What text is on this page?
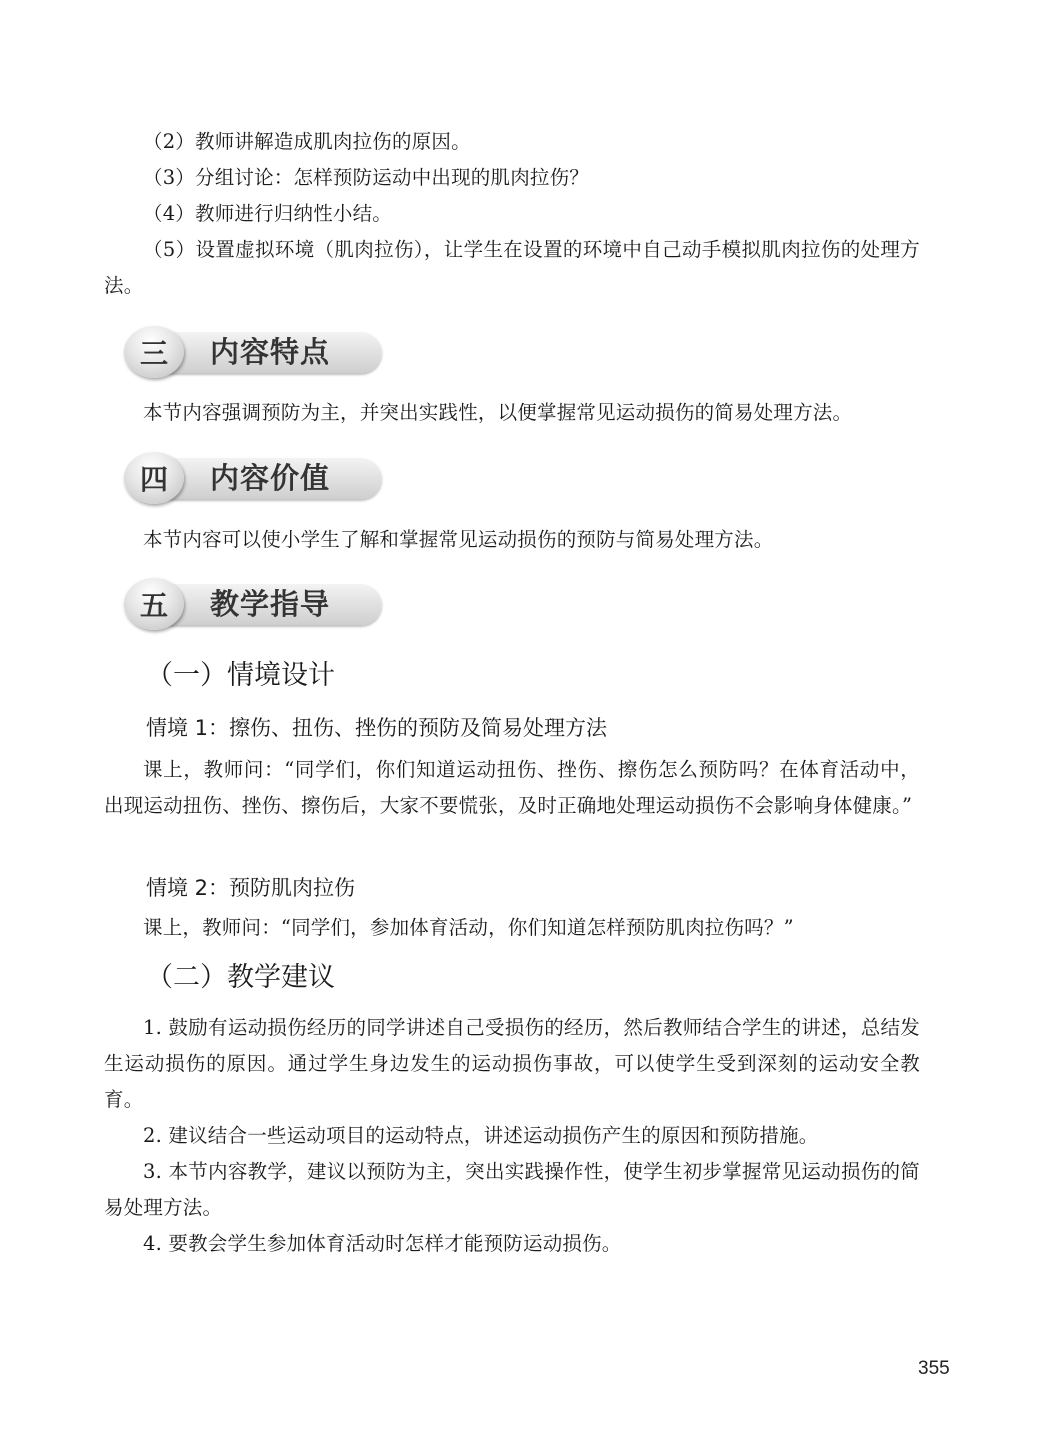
（2）教师讲解造成肌肉拉伤的原因。

（3）分组讨论：怎样预防运动中出现的肌肉拉伤？

（4）教师进行归纳性小结。

（5）设置虚拟环境（肌肉拉伤），让学生在设置的环境中自己动手模拟肌肉拉伤的处理方法。

三 内容特点

本节内容强调预防为主，并突出实践性，以便掌握常见运动损伤的简易处理方法。

四 内容价值

本节内容可以使小学生了解和掌握常见运动损伤的预防与简易处理方法。

五 教学指导
（一）情境设计
情境 1：擦伤、扭伤、挫伤的预防及简易处理方法

课上，教师问：“同学们，你们知道运动扭伤、挫伤、擦伤怎么预防吗？在体育活动中，出现运动扭伤、挫伤、擦伤后，大家不要慌张，及时正确地处理运动损伤不会影响身体健康。”

情境 2：预防肌肉拉伤

课上，教师问：“同学们，参加体育活动，你们知道怎样预防肌肉拉伤吗？”

（二）教学建议

1. 鼓励有运动损伤经历的同学讲述自己受损伤的经历，然后教师结合学生的讲述，总结发生运动损伤的原因。通过学生身边发生的运动损伤事故，可以使学生受到深刻的运动安全教育。

2. 建议结合一些运动项目的运动特点，讲述运动损伤产生的原因和预防措施。

3. 本节内容教学，建议以预防为主，突出实践操作性，使学生初步掌握常见运动损伤的简易处理方法。

4. 要教会学生参加体育活动时怎样才能预防运动损伤。

355
